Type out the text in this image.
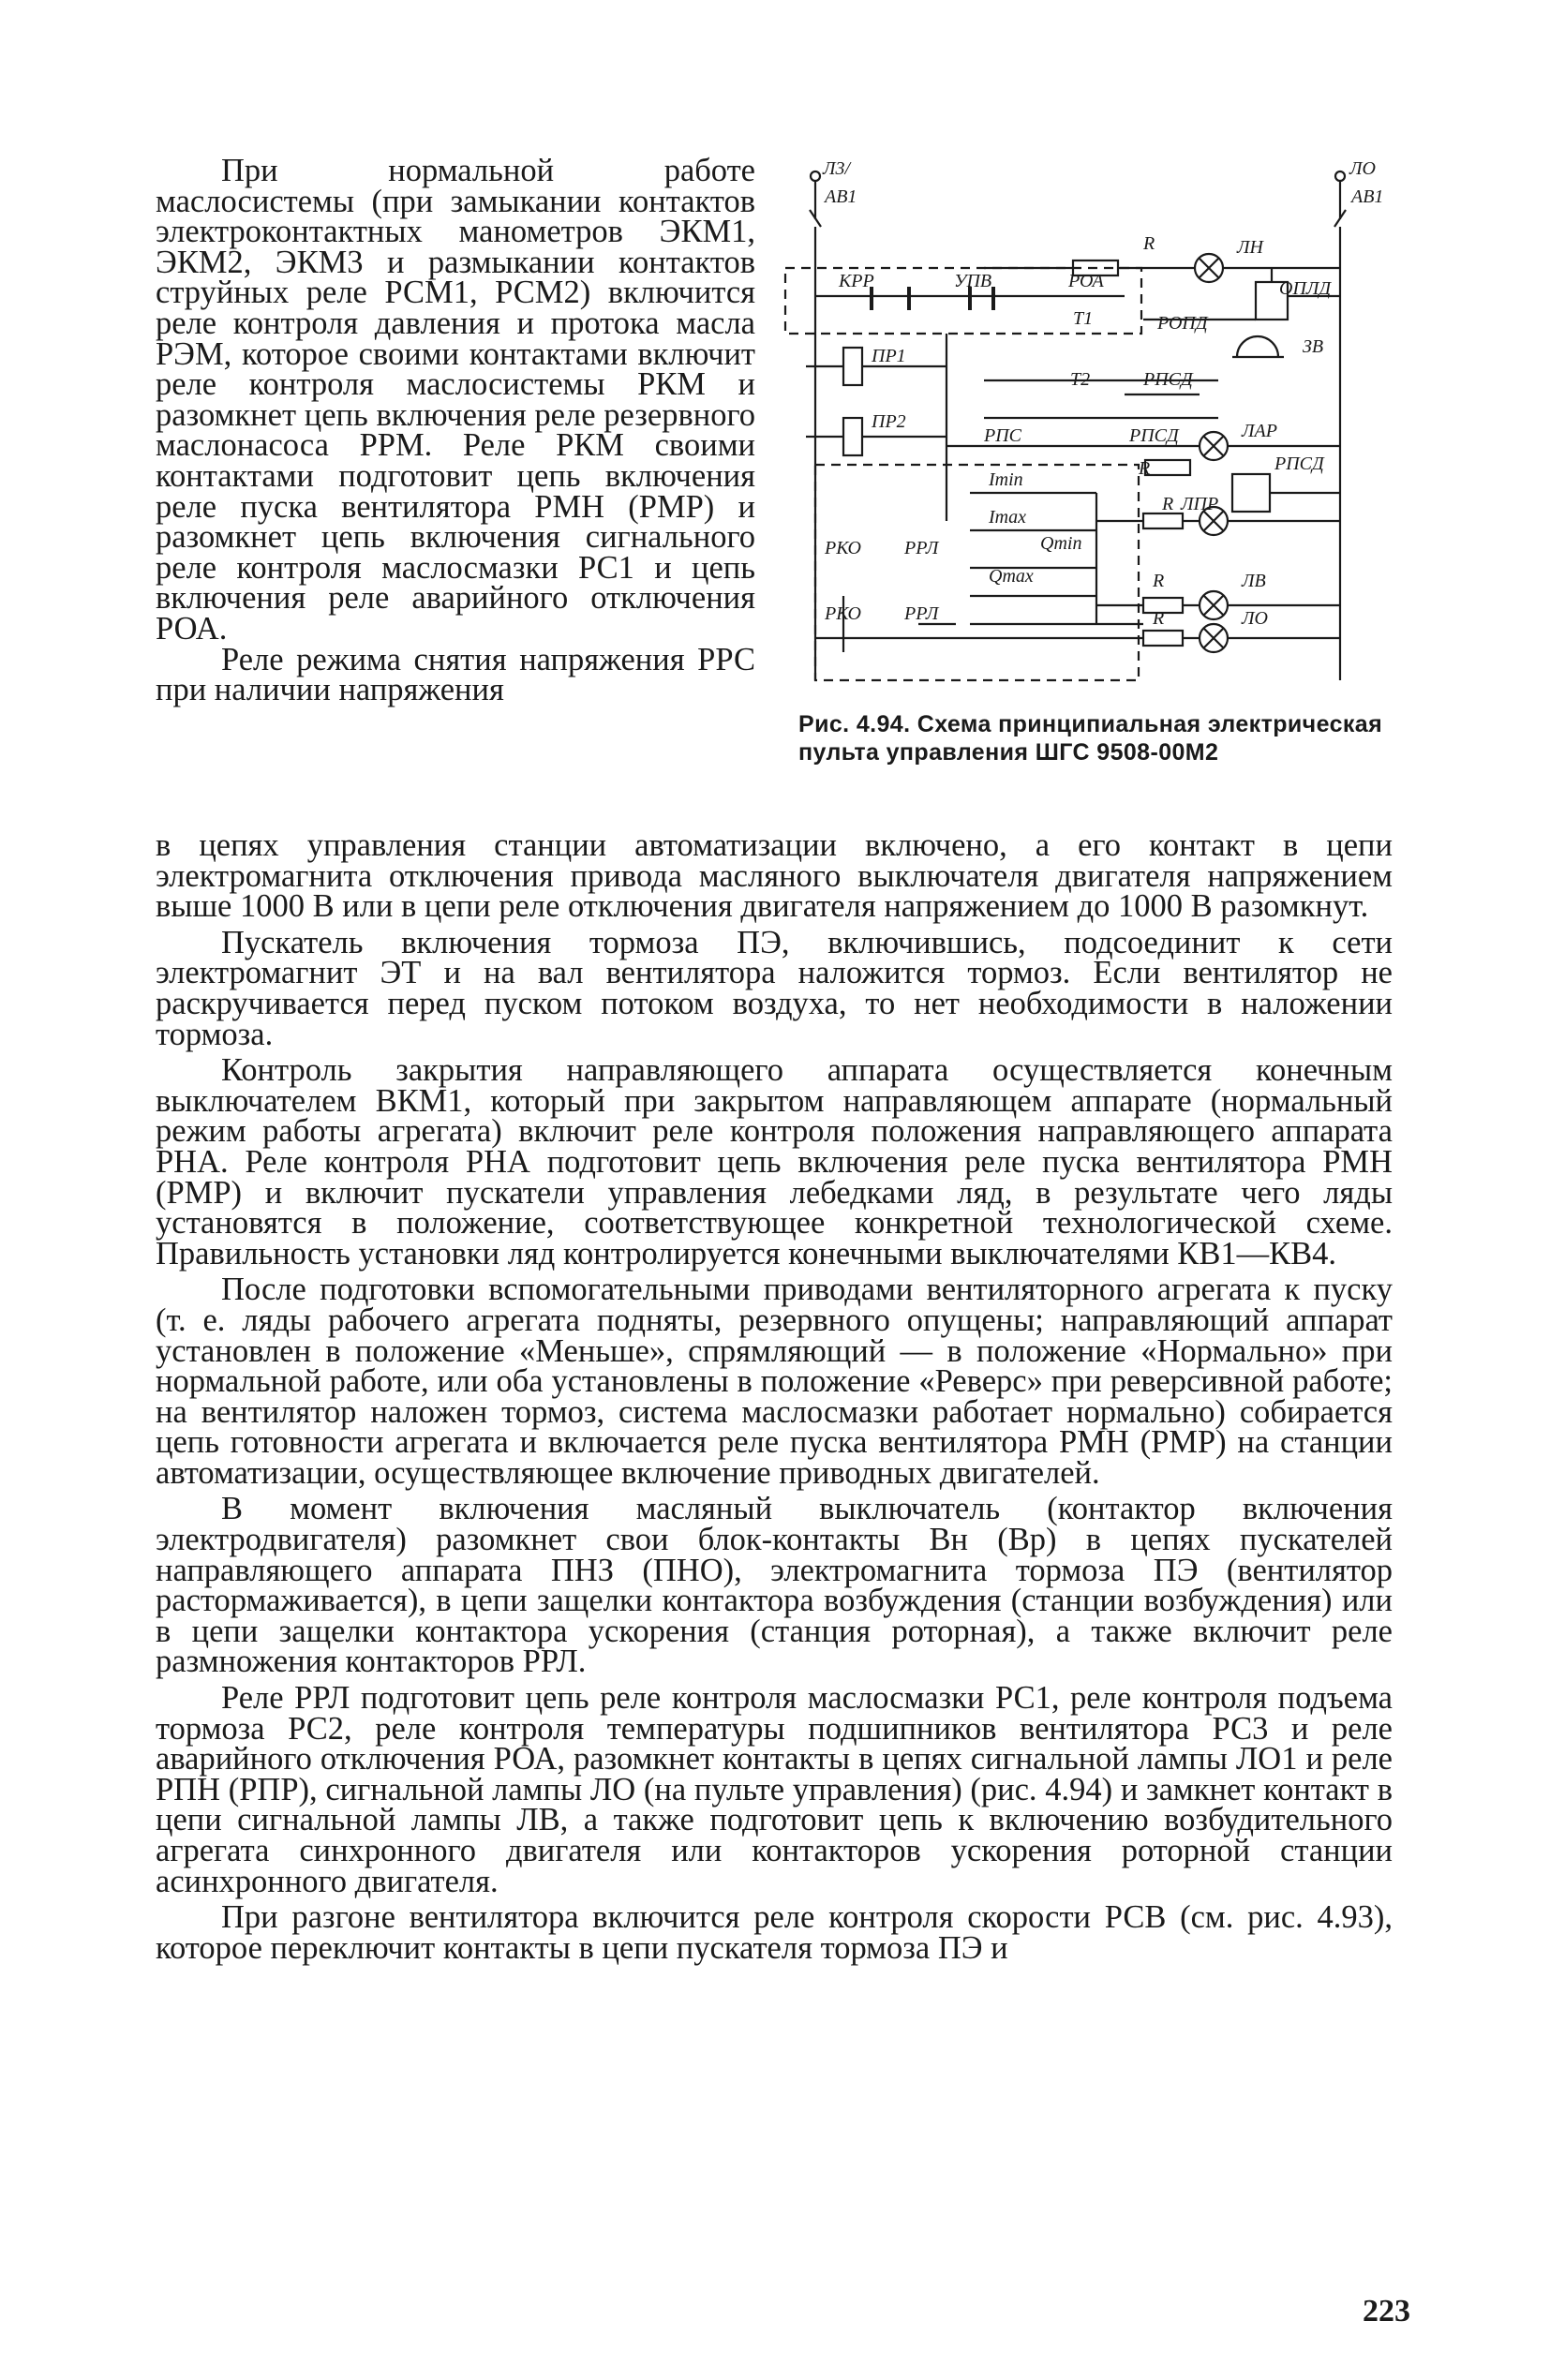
При нормальной работе маслосистемы (при замыкании контактов электроконтактных манометров ЭКМ1, ЭКМ2, ЭКМ3 и размыкании контактов струйных реле РСМ1, РСМ2) включится реле контроля давления и протока масла РЭМ, которое своими контактами включит реле контроля маслосистемы РКМ и разомкнет цепь включения реле резервного маслонасоса РРМ. Реле РКМ своими контактами подготовит цепь включения реле пуска вентилятора РМН (РМР) и разомкнет цепь включения сигнального реле контроля маслосмазки РС1 и цепь включения реле аварийного отключения РОА.

Реле режима снятия напряжения РРС при наличии напряжения

Л3/
АВ1
ЛО
АВ1
R	ЛН
КРР	УПВ	РОА	ОПЛД
Т1	РОПД
ЗВ
ПР1
ПР2
Т2	РПСД
РПС	РПСД	ЛАР
R	РПСД
Imin
R ЛПР
Imax
РКО РРЛ	Qmin
Qmax	R	ЛВ
РКО РРЛ	R	ЛО
Рис. 4.94. Схема принципиальная электрическая пульта управления ШГС 9508-00М2

в цепях управления станции автоматизации включено, а его контакт в цепи электромагнита отключения привода масляного выключателя двигателя напряжением выше 1000 В или в цепи реле отключения двигателя напряжением до 1000 В разомкнут.

Пускатель включения тормоза ПЭ, включившись, подсоединит к сети электромагнит ЭТ и на вал вентилятора наложится тормоз. Если вентилятор не раскручивается перед пуском потоком воздуха, то нет необходимости в наложении тормоза.

Контроль закрытия направляющего аппарата осуществляется конечным выключателем ВКМ1, который при закрытом направляющем аппарате (нормальный режим работы агрегата) включит реле контроля положения направляющего аппарата РНА. Реле контроля РНА подготовит цепь включения реле пуска вентилятора РМН (РМР) и включит пускатели управления лебедками ляд, в результате чего ляды установятся в положение, соответствующее конкретной технологической схеме. Правильность установки ляд контролируется конечными выключателями КВ1—КВ4.

После подготовки вспомогательными приводами вентиляторного агрегата к пуску (т. е. ляды рабочего агрегата подняты, резервного опущены; направляющий аппарат установлен в положение «Меньше», спрямляющий — в положение «Нормально» при нормальной работе, или оба установлены в положение «Реверс» при реверсивной работе; на вентилятор наложен тормоз, система маслосмазки работает нормально) собирается цепь готовности агрегата и включается реле пуска вентилятора РМН (РМР) на станции автоматизации, осуществляющее включение приводных двигателей.

В момент включения масляный выключатель (контактор включения электродвигателя) разомкнет свои блок-контакты Вн (Вр) в цепях пускателей направляющего аппарата ПНЗ (ПНО), электромагнита тормоза ПЭ (вентилятор растормаживается), в цепи защелки контактора возбуждения (станции возбуждения) или в цепи защелки контактора ускорения (станция роторная), а также включит реле размножения контакторов РРЛ.

Реле РРЛ подготовит цепь реле контроля маслосмазки РС1, реле контроля подъема тормоза РС2, реле контроля температуры подшипников вентилятора РС3 и реле аварийного отключения РОА, разомкнет контакты в цепях сигнальной лампы ЛО1 и реле РПН (РПР), сигнальной лампы ЛО (на пульте управления) (рис. 4.94) и замкнет контакт в цепи сигнальной лампы ЛВ, а также подготовит цепь к включению возбудительного агрегата синхронного двигателя или контакторов ускорения роторной станции асинхронного двигателя.

При разгоне вентилятора включится реле контроля скорости РСВ (см. рис. 4.93), которое переключит контакты в цепи пускателя тормоза ПЭ и

223
